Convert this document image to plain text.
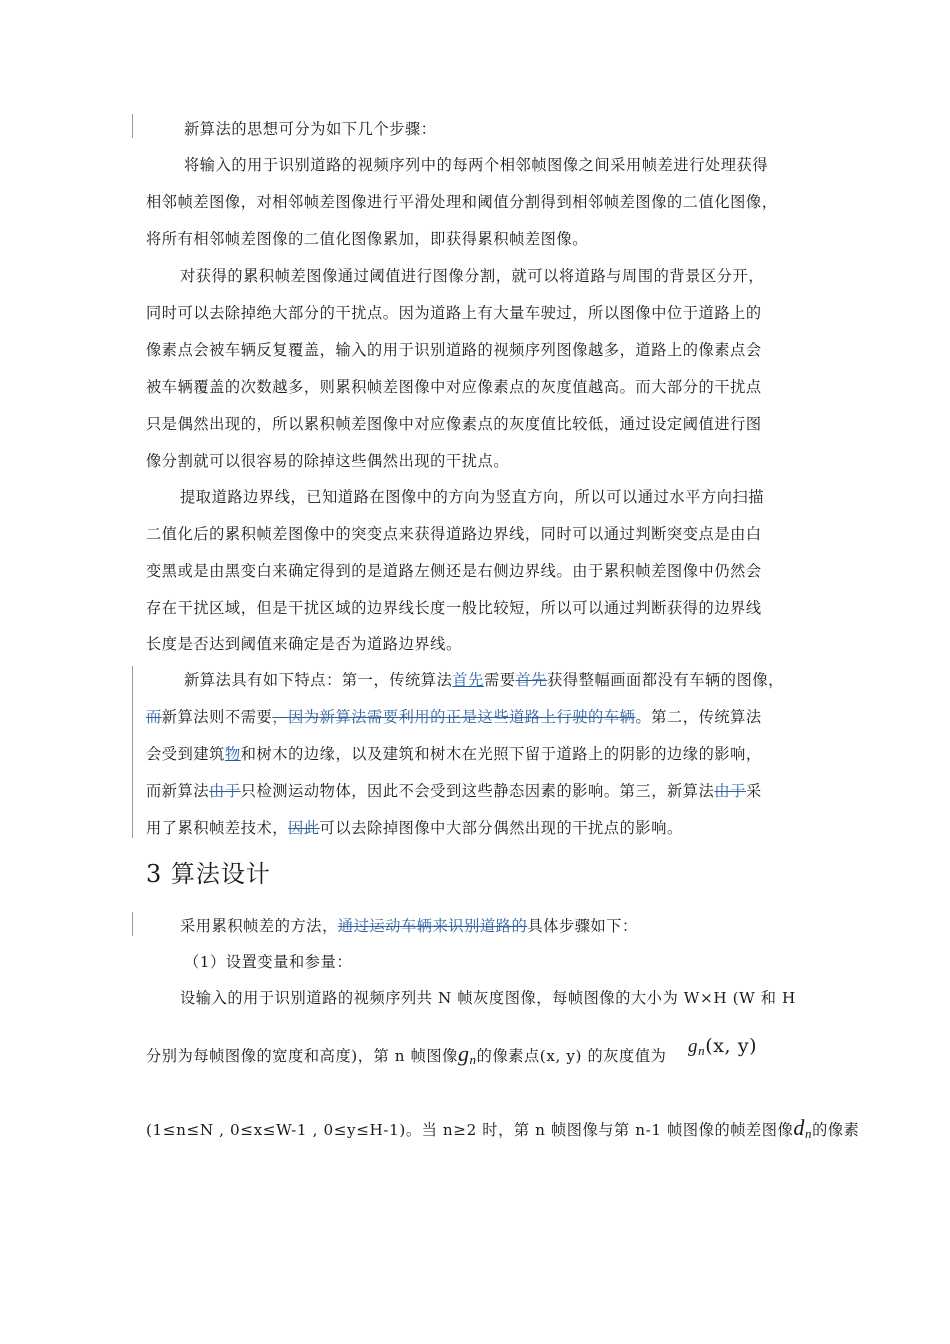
新算法的思想可分为如下几个步骤：
将输入的用于识别道路的视频序列中的每两个相邻帧图像之间采用帧差进行处理获得
相邻帧差图像，对相邻帧差图像进行平滑处理和阈值分割得到相邻帧差图像的二值化图像，
将所有相邻帧差图像的二值化图像累加，即获得累积帧差图像。
对获得的累积帧差图像通过阈值进行图像分割，就可以将道路与周围的背景区分开，
同时可以去除掉绝大部分的干扰点。因为道路上有大量车驶过，所以图像中位于道路上的
像素点会被车辆反复覆盖，输入的用于识别道路的视频序列图像越多，道路上的像素点会
被车辆覆盖的次数越多，则累积帧差图像中对应像素点的灰度值越高。而大部分的干扰点
只是偶然出现的，所以累积帧差图像中对应像素点的灰度值比较低，通过设定阈值进行图
像分割就可以很容易的除掉这些偶然出现的干扰点。
提取道路边界线，已知道路在图像中的方向为竖直方向，所以可以通过水平方向扫描
二值化后的累积帧差图像中的突变点来获得道路边界线，同时可以通过判断突变点是由白
变黑或是由黑变白来确定得到的是道路左侧还是右侧边界线。由于累积帧差图像中仍然会
存在干扰区域，但是干扰区域的边界线长度一般比较短，所以可以通过判断获得的边界线
长度是否达到阈值来确定是否为道路边界线。
新算法具有如下特点：第一，传统算法首先需要首先获得整幅画面都没有车辆的图像，
而新算法则不需要，因为新算法需要利用的正是这些道路上行驶的车辆。第二，传统算法
会受到建筑物和树木的边缘，以及建筑和树木在光照下留于道路上的阴影的边缘的影响，
而新算法由于只检测运动物体，因此不会受到这些静态因素的影响。第三，新算法由于采
用了累积帧差技术，因此可以去除掉图像中大部分偶然出现的干扰点的影响。
3 算法设计
采用累积帧差的方法，通过运动车辆来识别道路的具体步骤如下：
（1）设置变量和参量：
设输入的用于识别道路的视频序列共 N 帧灰度图像，每帧图像的大小为 W×H (W 和 H
分别为每帧图像的宽度和高度)，第 n 帧图像gn的像素点(x, y) 的灰度值为	gn(x, y)
(1≤n≤N , 0≤x≤W-1 , 0≤y≤H-1)。当 n≥2 时，第 n 帧图像与第 n-1 帧图像的帧差图像dn的像素
